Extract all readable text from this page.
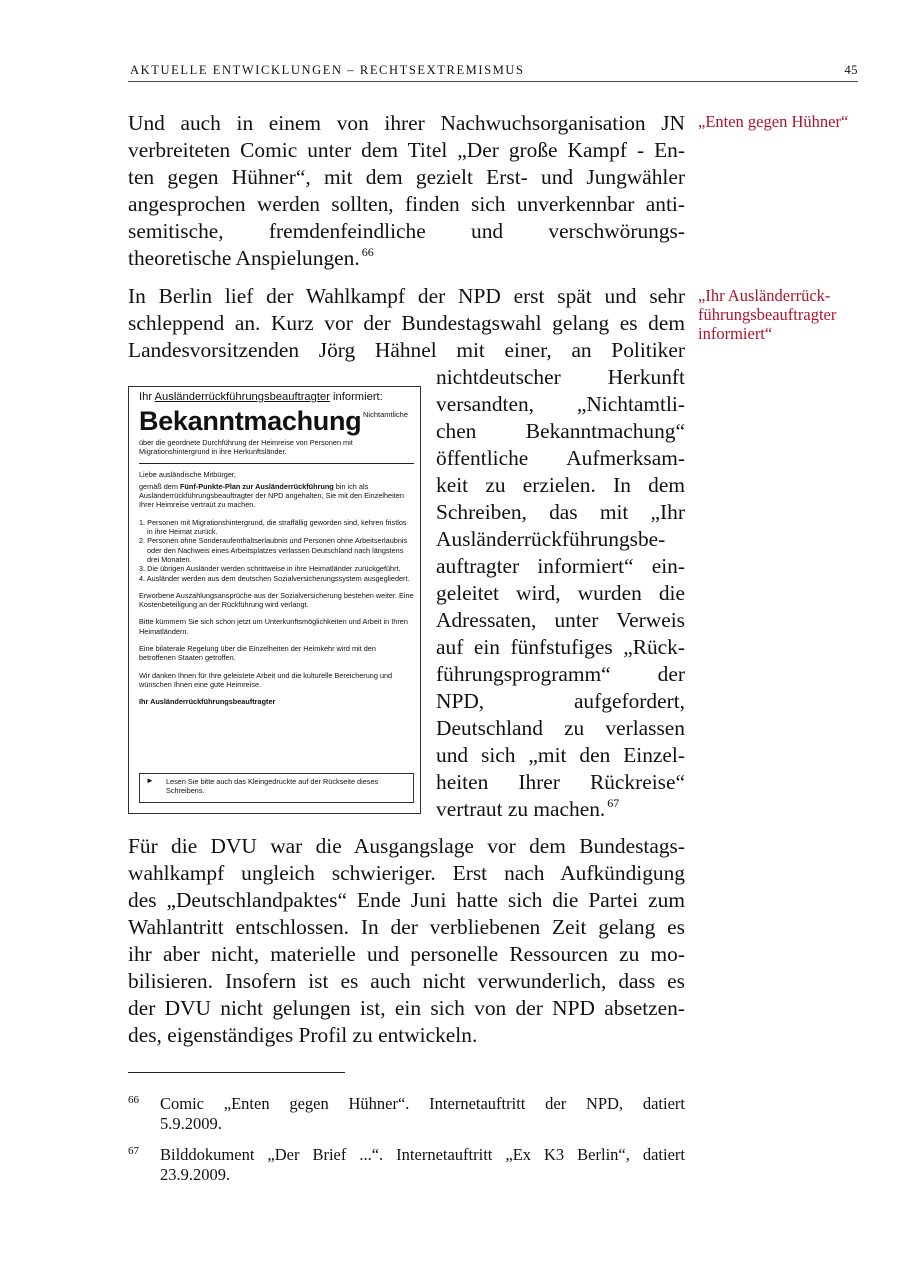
AKTUELLE ENTWICKLUNGEN – RECHTSEXTREMISMUS	45
Und auch in einem von ihrer Nachwuchsorganisation JN
verbreiteten Comic unter dem Titel „Der große Kampf - En-
ten gegen Hühner“, mit dem gezielt Erst- und Jungwähler
angesprochen werden sollten, finden sich unverkennbar anti-
semitische, fremdenfeindliche und verschwörungs-
theoretische Anspielungen. $^{66}$
In Berlin lief der Wahlkampf der NPD erst spät und sehr
schleppend an. Kurz vor der Bundestagswahl gelang es dem
Landesvorsitzenden Jörg Hähnel mit einer, an Politiker
nichtdeutscher Herkunft
versandten, „Nichtamtli-
chen Bekanntmachung“
öffentliche Aufmerksam-
keit zu erzielen. In dem
Schreiben, das mit „Ihr
Ausländerrückführungsbe-
auftragter informiert“ ein-
geleitet wird, wurden die
Adressaten, unter Verweis
auf ein fünfstufiges „Rück-
führungsprogramm“ der
NPD, aufgefordert,
Deutschland zu verlassen
und sich „mit den Einzel-
heiten Ihrer Rückreise“
vertraut zu machen. $^{67}$
Ihr Ausländerrückführungsbeauftragter informiert:
Nichtamtliche
Bekanntmachung
über die geordnete Durchführung der Heimreise von Personen mit Migrationshintergrund in ihre Herkunftsländer.
Liebe ausländische Mitbürger,
gemäß dem Fünf-Punkte-Plan zur Ausländerrückführung bin ich als Ausländerrückführungsbeauftragter der NPD angehalten, Sie mit den Einzelheiten Ihrer Heimreise vertraut zu machen.
1. Personen mit Migrationshintergrund, die straffällig geworden sind, kehren fristlos in ihre Heimat zurück.
2. Personen ohne Sonderaufenthaltserlaubnis und Personen ohne Arbeitserlaubnis oder den Nachweis eines Arbeitsplatzes verlassen Deutschland nach längstens drei Monaten.
3. Die übrigen Ausländer werden schrittweise in ihre Heimatländer zurückgeführt.
4. Ausländer werden aus dem deutschen Sozialversicherungssystem ausgegliedert.
Erworbene Auszahlungsansprüche aus der Sozialversicherung bestehen weiter. Eine Kostenbeteiligung an der Rückführung wird verlangt.
Bitte kümmern Sie sich schon jetzt um Unterkunftsmöglichkeiten und Arbeit in Ihren Heimatländern.
Eine bilaterale Regelung über die Einzelheiten der Heimkehr wird mit den betroffenen Staaten getroffen.
Wir danken Ihnen für Ihre geleistete Arbeit und die kulturelle Bereicherung und wünschen Ihnen eine gute Heimreise.
Ihr Ausländerrückführungsbeauftragter
► Lesen Sie bitte auch das Kleingedruckte auf der Rückseite dieses Schreibens.
Für die DVU war die Ausgangslage vor dem Bundestags-
wahlkampf ungleich schwieriger. Erst nach Aufkündigung
des „Deutschlandpaktes“ Ende Juni hatte sich die Partei zum
Wahlantritt entschlossen. In der verbliebenen Zeit gelang es
ihr aber nicht, materielle und personelle Ressourcen zu mo-
bilisieren. Insofern ist es auch nicht verwunderlich, dass es
der DVU nicht gelungen ist, ein sich von der NPD absetzen-
des, eigenständiges Profil zu entwickeln.
„Enten gegen Hühner“
„Ihr Ausländerrück-
führungsbeauftragter
informiert“
66 Comic „Enten gegen Hühner“. Internetauftritt der NPD, datiert
5.9.2009.
67 Bilddokument „Der Brief ...“. Internetauftritt „Ex K3 Berlin“, datiert
23.9.2009.
